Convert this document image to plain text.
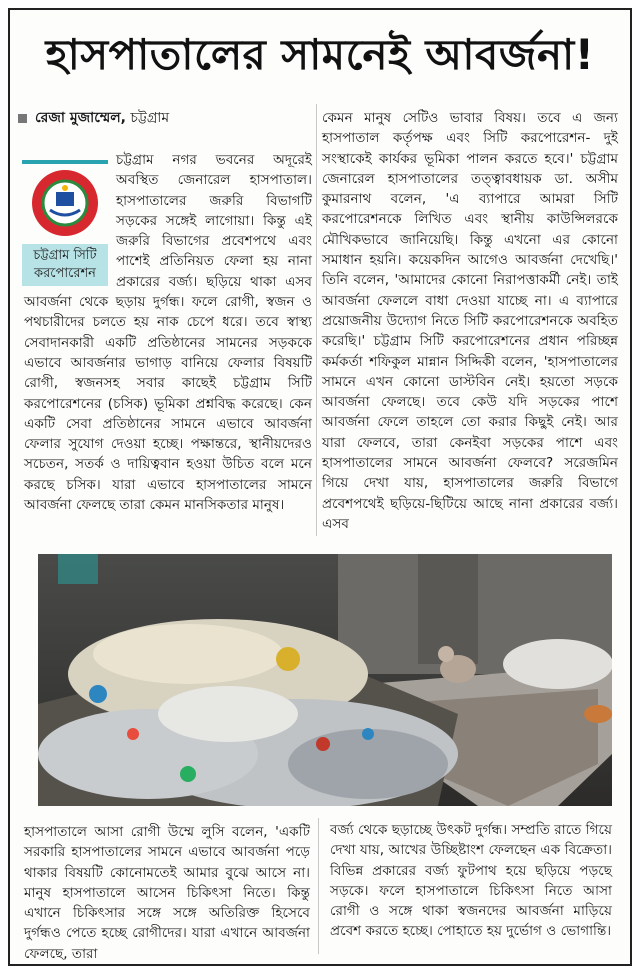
হাসপাতালের সামনেই আবর্জনা!
রেজা মুজাম্মেল, চট্টগ্রাম
চট্টগ্রাম সিটি করপোরেশন

চট্টগ্রাম নগর ভবনের অদূরেই অবস্থিত জেনারেল হাসপাতাল। হাসপাতালের জরুরি বিভাগটি সড়কের সঙ্গেই লাগোয়া। কিন্তু এই জরুরি বিভাগের প্রবেশপথে এবং পাশেই প্রতিনিয়ত ফেলা হয় নানা প্রকারের বর্জ্য। ছড়িয়ে থাকা এসব আবর্জনা থেকে ছড়ায় দুর্গন্ধ। ফলে রোগী, স্বজন ও পথচারীদের চলতে হয় নাক চেপে ধরে। তবে স্বাস্থ্য সেবাদানকারী একটি প্রতিষ্ঠানের সামনের সড়ককে এভাবে আবর্জনার ভাগাড় বানিয়ে ফেলার বিষয়টি রোগী, স্বজনসহ সবার কাছেই চট্টগ্রাম সিটি করপোরেশনের (চসিক) ভূমিকা প্রশ্নবিদ্ধ করেছে। কেন একটি সেবা প্রতিষ্ঠানের সামনে এভাবে আবর্জনা ফেলার সুযোগ দেওয়া হচ্ছে। পক্ষান্তরে, স্থানীয়দেরও সচেতন, সতর্ক ও দায়িত্ববান হওয়া উচিত বলে মনে করছে চসিক। যারা এভাবে হাসপাতালের সামনে আবর্জনা ফেলছে তারা কেমন মানসিকতার মানুষ।

কেমন মানুষ সেটিও ভাবার বিষয়। তবে এ জন্য হাসপাতাল কর্তৃপক্ষ এবং সিটি করপোরেশন- দুই সংস্থাকেই কার্যকর ভূমিকা পালন করতে হবে।' চট্টগ্রাম জেনারেল হাসপাতালের তত্ত্বাবধায়ক ডা. অসীম কুমারনাথ বলেন, 'এ ব্যাপারে আমরা সিটি করপোরেশনকে লিখিত এবং স্থানীয় কাউন্সিলরকে মৌখিকভাবে জানিয়েছি। কিন্তু এখনো এর কোনো সমাধান হয়নি। কয়েকদিন আগেও আবর্জনা দেখেছি।' তিনি বলেন, 'আমাদের কোনো নিরাপত্তাকর্মী নেই। তাই আবর্জনা ফেললে বাধা দেওয়া যাচ্ছে না। এ ব্যাপারে প্রয়োজনীয় উদ্যোগ নিতে সিটি করপোরেশনকে অবহিত করেছি।' চট্টগ্রাম সিটি করপোরেশনের প্রধান পরিচ্ছন্ন কর্মকর্তা শফিকুল মান্নান সিদ্দিকী বলেন, 'হাসপাতালের সামনে এখন কোনো ডাস্টবিন নেই। হয়তো সড়কে আবর্জনা ফেলছে। তবে কেউ যদি সড়কের পাশে আবর্জনা ফেলে তাহলে তো করার কিছুই নেই। আর যারা ফেলবে, তারা কেনইবা সড়কের পাশে এবং হাসপাতালের সামনে আবর্জনা ফেলবে? সরেজমিন গিয়ে দেখা যায়, হাসপাতালের জরুরি বিভাগে প্রবেশপথেই ছড়িয়ে-ছিটিয়ে আছে নানা প্রকারের বর্জ্য। এসব

হাসপাতালে আসা রোগী উম্মে লুসি বলেন, 'একটি সরকারি হাসপাতালের সামনে এভাবে আবর্জনা পড়ে থাকার বিষয়টি কোনোমতেই আমার বুঝে আসে না। মানুষ হাসপাতালে আসেন চিকিৎসা নিতে। কিন্তু এখানে চিকিৎসার সঙ্গে সঙ্গে অতিরিক্ত হিসেবে দুর্গন্ধও পেতে হচ্ছে রোগীদের। যারা এখানে আবর্জনা ফেলছে, তারা

বর্জ্য থেকে ছড়াচ্ছে উৎকট দুর্গন্ধ। সম্প্রতি রাতে গিয়ে দেখা যায়, আখের উচ্ছিষ্টাংশ ফেলছেন এক বিক্রেতা। বিভিন্ন প্রকারের বর্জ্য ফুটপাথ হয়ে ছড়িয়ে পড়ছে সড়কে। ফলে হাসপাতালে চিকিৎসা নিতে আসা রোগী ও সঙ্গে থাকা স্বজনদের আবর্জনা মাড়িয়ে প্রবেশ করতে হচ্ছে। পোহাতে হয় দুর্ভোগ ও ভোগান্তি।
